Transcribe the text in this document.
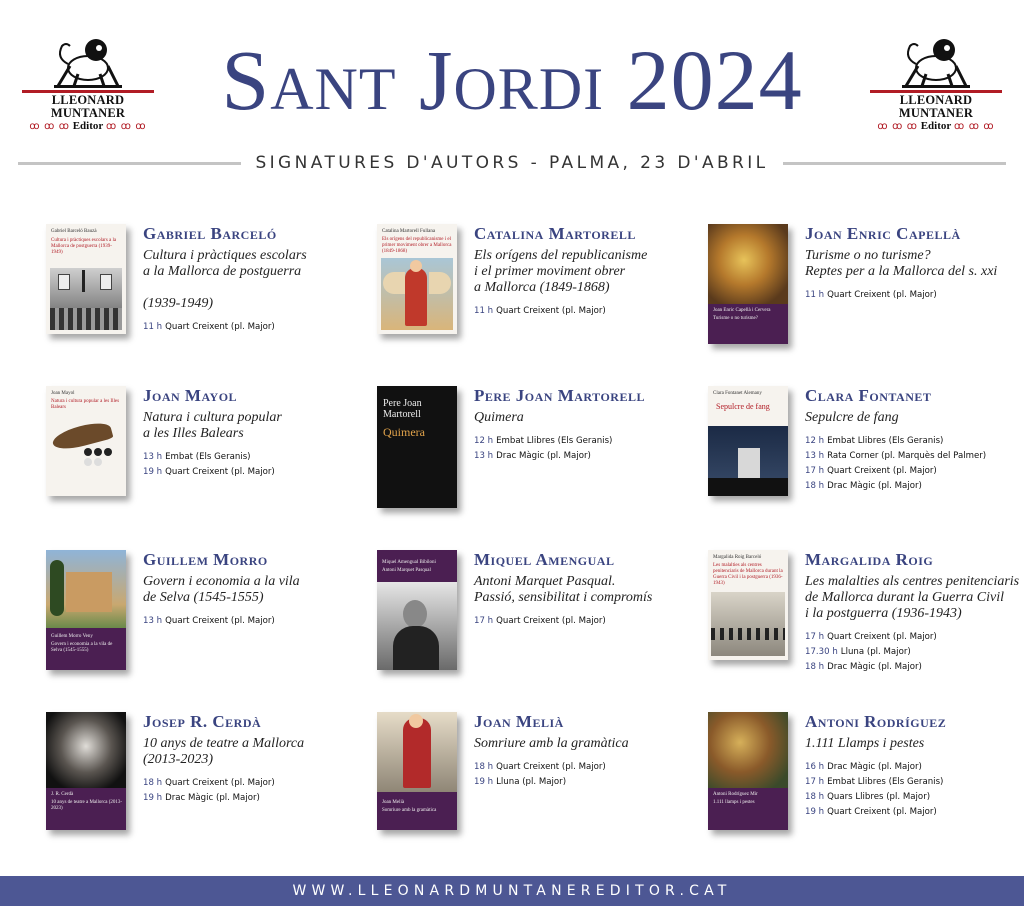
LLEONARD MUNTANER
ꝏ ꝏ ꝏ Editor ꝏ ꝏ ꝏ
LLEONARD MUNTANER
ꝏ ꝏ ꝏ Editor ꝏ ꝏ ꝏ
Sant Jordi 2024
SIGNATURES D'AUTORS - PALMA, 23 D'ABRIL
Gabriel Barceló Bauzà
Cultura i pràctiques escolars a la Mallorca de postguerra (1939-1949)
Gabriel Barceló
Cultura i pràctiques escolars
a la Mallorca de postguerra

(1939-1949)
11 h Quart Creixent (pl. Major)
Catalina Martorell Fullana
Els orígens del republicanisme i el primer moviment obrer a Mallorca (1849-1868)
Catalina Martorell
Els orígens del republicanisme
i el primer moviment obrer
a Mallorca (1849-1868)
11 h Quart Creixent (pl. Major)	Joan Enric Capellà i Cervera
Turisme o no turisme?
Joan Enric Capellà
Turisme o no turisme?
Reptes per a la Mallorca del s. xxi
11 h Quart Creixent (pl. Major)
Joan Mayol
Natura i cultura popular a les Illes Balears
Joan Mayol
Natura i cultura popular
a les Illes Balears
13 h Embat (Els Geranis)
19 h Quart Creixent (pl. Major)
Pere Joan Martorell
Quimera
Pere Joan Martorell
Quimera
12 h Embat Llibres (Els Geranis)
13 h Drac Màgic (pl. Major)
Clara Fontanet Alemany
Sepulcre de fang
Clara Fontanet
Sepulcre de fang
12 h Embat Llibres (Els Geranis)
13 h Rata Corner (pl. Marquès del Palmer)
17 h Quart Creixent (pl. Major)
18 h Drac Màgic (pl. Major)
Guillem Morro Veny
Govern i economia a la vila de Selva (1545-1555)
Guillem Morro
Govern i economia a la vila
de Selva (1545-1555)
13 h Quart Creixent (pl. Major)
Miquel Amengual Bibiloni
Antoni Marquet Pasqual
Miquel Amengual
Antoni Marquet Pasqual.
Passió, sensibilitat i compromís
17 h Quart Creixent (pl. Major)
Margalida Roig Barceló
Les malalties als centres penitenciaris de Mallorca durant la Guerra Civil i la postguerra (1936-1943)
Margalida Roig
Les malalties als centres penitenciaris
de Mallorca durant la Guerra Civil
i la postguerra (1936-1943)
17 h Quart Creixent (pl. Major)
17.30 h Lluna (pl. Major)
18 h Drac Màgic (pl. Major)
J. R. Cerdà
10 anys de teatre a Mallorca (2013-2023)
Josep R. Cerdà
10 anys de teatre a Mallorca
(2013-2023)
18 h Quart Creixent (pl. Major)
19 h Drac Màgic (pl. Major)	Joan Melià
Somriure amb la gramàtica
Joan Melià
Somriure amb la gramàtica
18 h Quart Creixent (pl. Major)
19 h Lluna (pl. Major)
Antoni Rodríguez Mir
1.111 llamps i pestes
Antoni Rodríguez
1.111 Llamps i pestes
16 h Drac Màgic (pl. Major)
17 h Embat Llibres (Els Geranis)
18 h Quars Llibres (pl. Major)
19 h Quart Creixent (pl. Major)
WWW.LLEONARDMUNTANEREDITOR.CAT
